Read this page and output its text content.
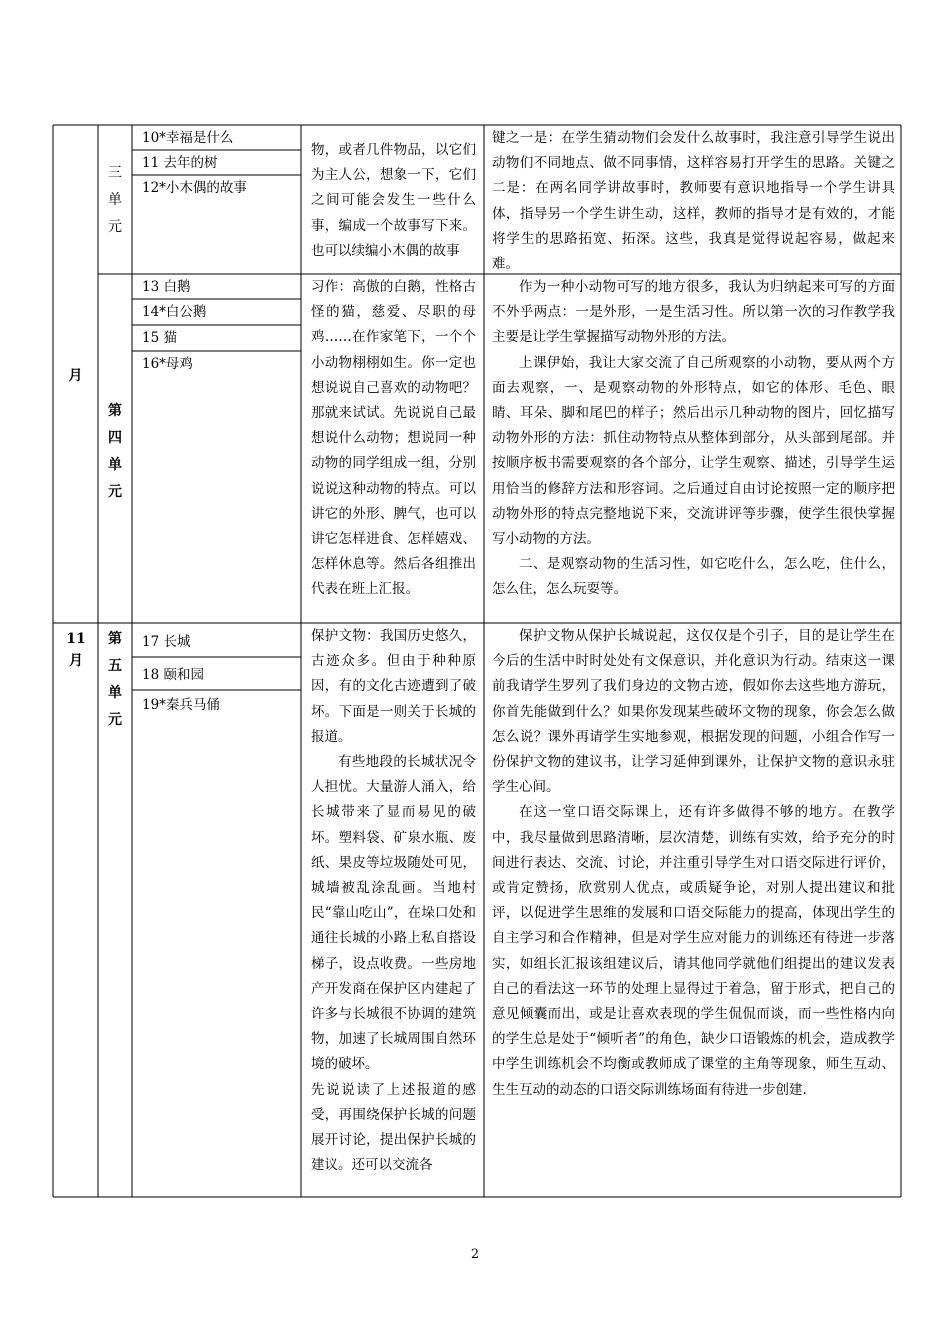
三
单
元
10*幸福是什么
11 去年的树
12*小木偶的故事
物，或者几件物品，以它们为主人公，想象一下，它们之间可能会发生一些什么事，编成一个故事写下来。也可以续编小木偶的故事

键之一是：在学生猜动物们会发什么故事时，我注意引导学生说出动物们不同地点、做不同事情，这样容易打开学生的思路。关键之二是：在两名同学讲故事时，教师要有意识地指导一个学生讲具体，指导另一个学生讲生动，这样，教师的指导才是有效的，才能将学生的思路拓宽、拓深。这些，我真是觉得说起容易，做起来难。

月
第
四
单
元
13 白鹅
14*白公鹅
15 猫
16*母鸡
习作：高傲的白鹅，性格古怪的猫，慈爱、尽职的母鸡……在作家笔下，一个个小动物栩栩如生。你一定也想说说自己喜欢的动物吧？那就来试试。先说说自己最想说什么动物；想说同一种动物的同学组成一组，分别说说这种动物的特点。可以讲它的外形、脾气，也可以讲它怎样进食、怎样嬉戏、怎样休息等。然后各组推出代表在班上汇报。

作为一种小动物可写的地方很多，我认为归纳起来可写的方面不外乎两点：一是外形，一是生活习性。所以第一次的习作教学我主要是让学生掌握描写动物外形的方法。

上课伊始，我让大家交流了自己所观察的小动物，要从两个方面去观察，一、是观察动物的外形特点，如它的体形、毛色、眼睛、耳朵、脚和尾巴的样子；然后出示几种动物的图片，回忆描写动物外形的方法：抓住动物特点从整体到部分，从头部到尾部。并按顺序板书需要观察的各个部分，让学生观察、描述，引导学生运用恰当的修辞方法和形容词。之后通过自由讨论按照一定的顺序把动物外形的特点完整地说下来，交流讲评等步骤，使学生很快掌握写小动物的方法。

二、是观察动物的生活习性，如它吃什么，怎么吃，住什么，怎么住，怎么玩耍等。

11
月
第
五
单
元
17 长城
18 颐和园
19*秦兵马俑

保护文物：我国历史悠久，古迹众多。但由于种种原因，有的文化古迹遭到了破坏。下面是一则关于长城的报道。

有些地段的长城状况令人担忧。大量游人涌入，给长城带来了显而易见的破坏。塑料袋、矿泉水瓶、废纸、果皮等垃圾随处可见，城墙被乱涂乱画。当地村民“靠山吃山”，在垛口处和通往长城的小路上私自搭设梯子，设点收费。一些房地产开发商在保护区内建起了许多与长城很不协调的建筑物，加速了长城周围自然环境的破坏。

先说说读了上述报道的感受，再围绕保护长城的问题展开讨论，提出保护长城的建议。还可以交流各

保护文物从保护长城说起，这仅仅是个引子，目的是让学生在今后的生活中时时处处有文保意识，并化意识为行动。结束这一课前我请学生罗列了我们身边的文物古迹，假如你去这些地方游玩，你首先能做到什么？如果你发现某些破坏文物的现象，你会怎么做怎么说？课外再请学生实地参观，根据发现的问题，小组合作写一份保护文物的建议书，让学习延伸到课外，让保护文物的意识永驻学生心间。

在这一堂口语交际课上，还有许多做得不够的地方。在教学中，我尽量做到思路清晰，层次清楚，训练有实效，给予充分的时间进行表达、交流、讨论，并注重引导学生对口语交际进行评价，或肯定赞扬，欣赏别人优点，或质疑争论，对别人提出建议和批评，以促进学生思维的发展和口语交际能力的提高，体现出学生的自主学习和合作精神，但是对学生应对能力的训练还有待进一步落实，如组长汇报该组建议后，请其他同学就他们组提出的建议发表自己的看法这一环节的处理上显得过于着急，留于形式，把自己的意见倾囊而出，或是让喜欢表现的学生侃侃而谈，而一些性格内向的学生总是处于“倾听者”的角色，缺少口语锻炼的机会，造成教学中学生训练机会不均衡或教师成了课堂的主角等现象，师生互动、生生互动的动态的口语交际训练场面有待进一步创建.

2
